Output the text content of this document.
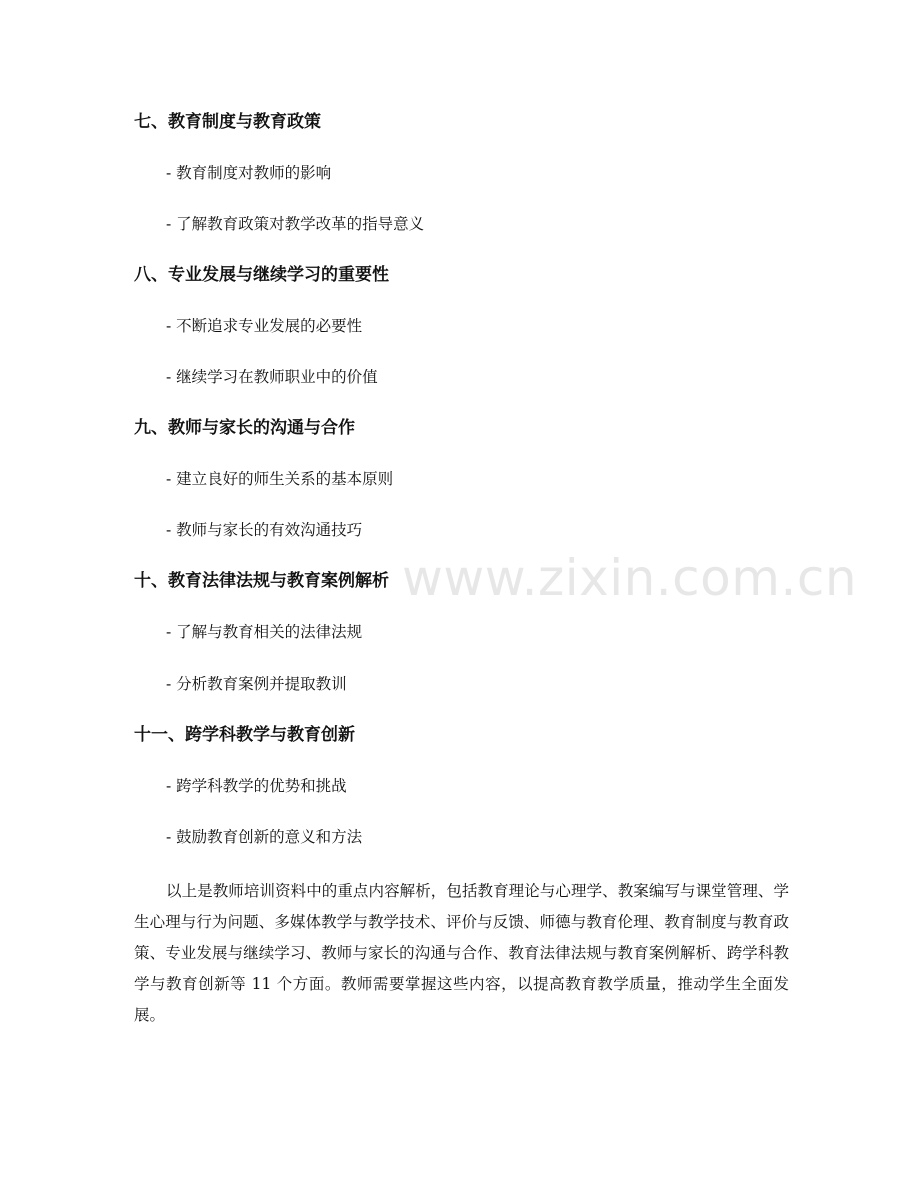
七、教育制度与教育政策
- 教育制度对教师的影响
- 了解教育政策对教学改革的指导意义
八、专业发展与继续学习的重要性
- 不断追求专业发展的必要性
- 继续学习在教师职业中的价值
九、教师与家长的沟通与合作
- 建立良好的师生关系的基本原则
- 教师与家长的有效沟通技巧
十、教育法律法规与教育案例解析
- 了解与教育相关的法律法规
- 分析教育案例并提取教训
十一、跨学科教学与教育创新
- 跨学科教学的优势和挑战
- 鼓励教育创新的意义和方法

以上是教师培训资料中的重点内容解析，包括教育理论与心理学、教案编写与课堂管理、学生心理与行为问题、多媒体教学与教学技术、评价与反馈、师德与教育伦理、教育制度与教育政策、专业发展与继续学习、教师与家长的沟通与合作、教育法律法规与教育案例解析、跨学科教学与教育创新等 11 个方面。教师需要掌握这些内容，以提高教育教学质量，推动学生全面发展。

www.zixin.com.cn
